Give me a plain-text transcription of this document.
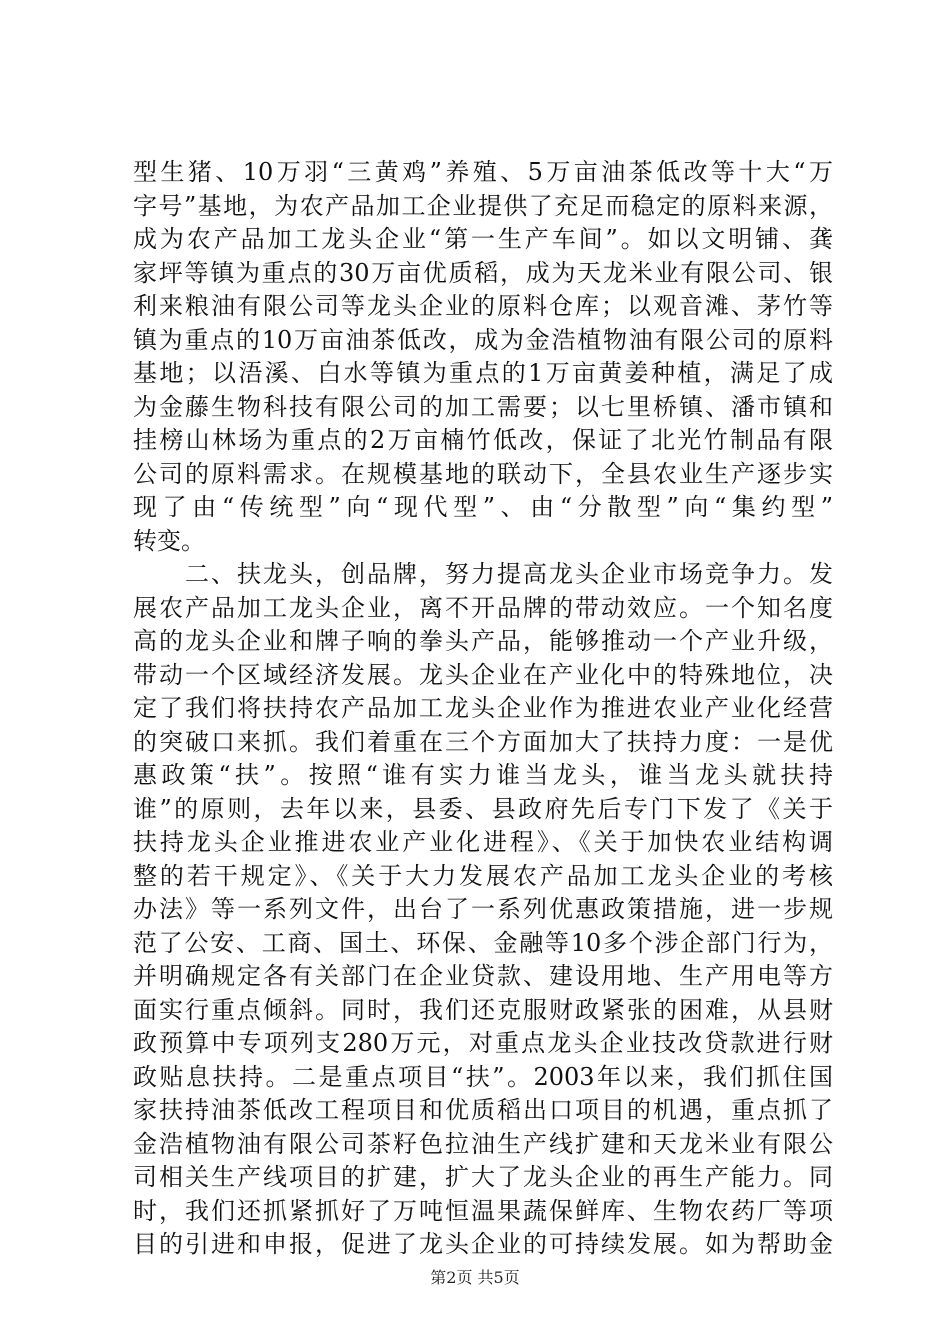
型生猪、10万羽“三黄鸡”养殖、5万亩油茶低改等十大“万
字号”基地，为农产品加工企业提供了充足而稳定的原料来源，
成为农产品加工龙头企业“第一生产车间”。如以文明铺、龚
家坪等镇为重点的30万亩优质稻，成为天龙米业有限公司、银
利来粮油有限公司等龙头企业的原料仓库；以观音滩、茅竹等
镇为重点的10万亩油茶低改，成为金浩植物油有限公司的原料
基地；以浯溪、白水等镇为重点的1万亩黄姜种植，满足了成
为金藤生物科技有限公司的加工需要；以七里桥镇、潘市镇和
挂榜山林场为重点的2万亩楠竹低改，保证了北光竹制品有限
公司的原料需求。在规模基地的联动下，全县农业生产逐步实
现了由“传统型”向“现代型”、由“分散型”向“集约型”
转变。
　　二、扶龙头，创品牌，努力提高龙头企业市场竞争力。发
展农产品加工龙头企业，离不开品牌的带动效应。一个知名度
高的龙头企业和牌子响的拳头产品，能够推动一个产业升级，
带动一个区域经济发展。龙头企业在产业化中的特殊地位，决
定了我们将扶持农产品加工龙头企业作为推进农业产业化经营
的突破口来抓。我们着重在三个方面加大了扶持力度：一是优
惠政策“扶”。按照“谁有实力谁当龙头，谁当龙头就扶持
谁”的原则，去年以来，县委、县政府先后专门下发了《关于
扶持龙头企业推进农业产业化进程》、《关于加快农业结构调
整的若干规定》、《关于大力发展农产品加工龙头企业的考核
办法》等一系列文件，出台了一系列优惠政策措施，进一步规
范了公安、工商、国土、环保、金融等10多个涉企部门行为，
并明确规定各有关部门在企业贷款、建设用地、生产用电等方
面实行重点倾斜。同时，我们还克服财政紧张的困难，从县财
政预算中专项列支280万元，对重点龙头企业技改贷款进行财
政贴息扶持。二是重点项目“扶”。2003年以来，我们抓住国
家扶持油茶低改工程项目和优质稻出口项目的机遇，重点抓了
金浩植物油有限公司茶籽色拉油生产线扩建和天龙米业有限公
司相关生产线项目的扩建，扩大了龙头企业的再生产能力。同
时，我们还抓紧抓好了万吨恒温果蔬保鲜库、生物农药厂等项
目的引进和申报，促进了龙头企业的可持续发展。如为帮助金
第2页 共5页
